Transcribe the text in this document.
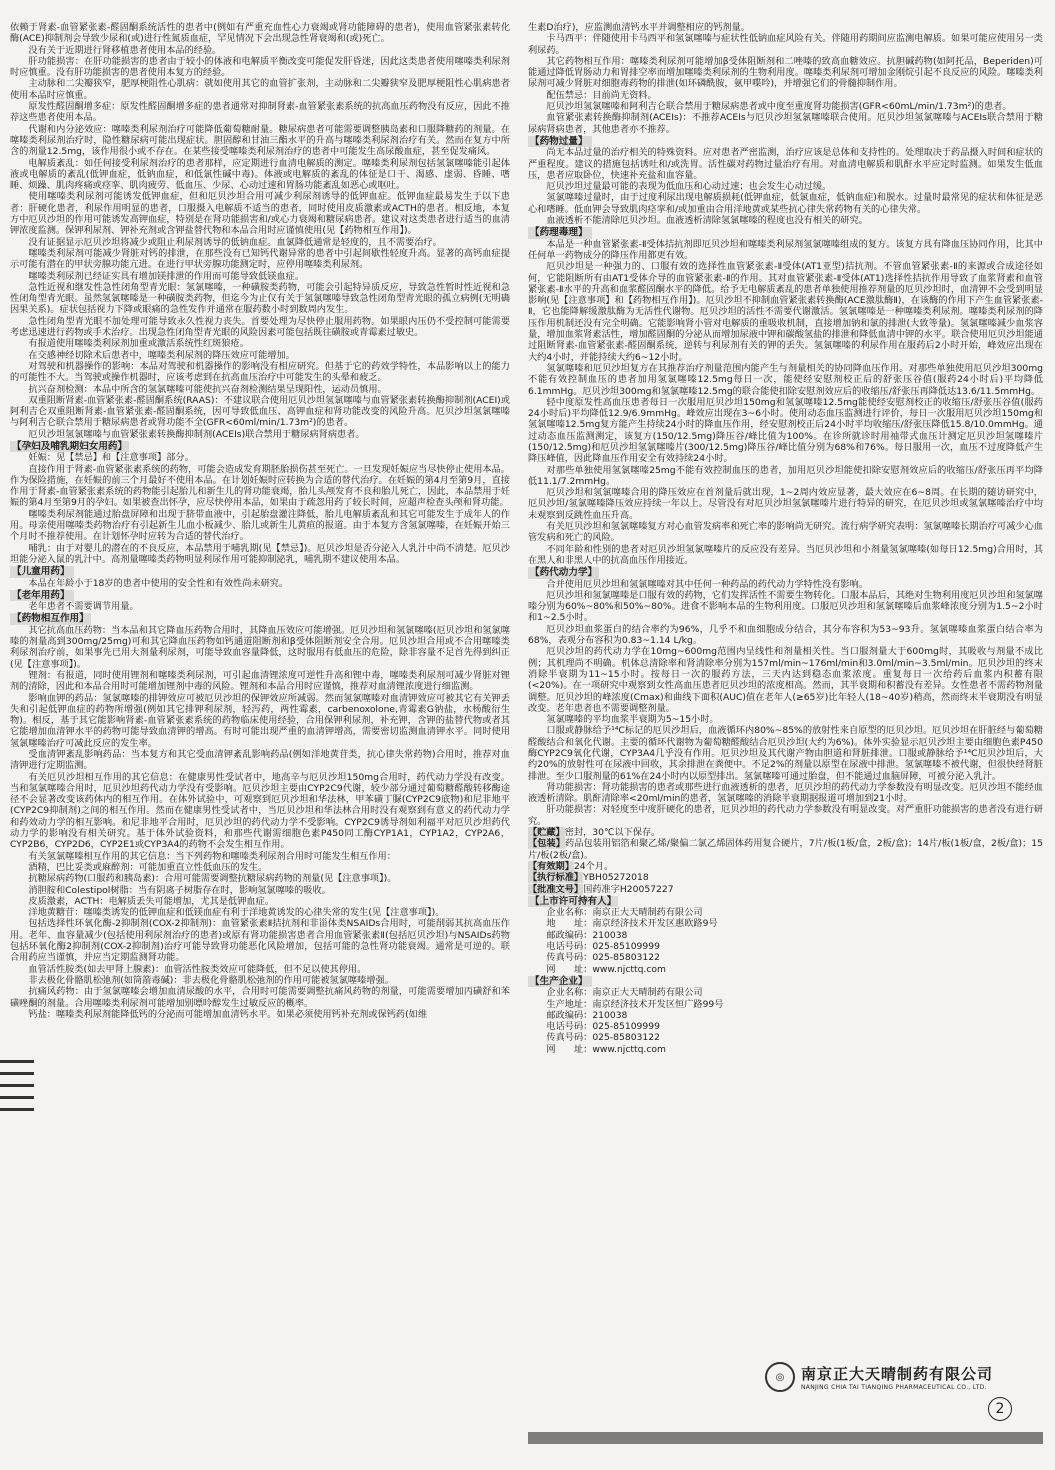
依赖于肾素-血管紧张素-醛固酮系统活性的患者中(例如有严重充血性心力衰竭或肾功能障碍的患者)，使用血管紧张素转化酶(ACE)抑制剂会导致少尿和(或)进行性氮质血症，罕见情况下会出现急性肾衰竭和(或)死亡。

没有关于近期进行肾移植患者使用本品的经验。

肝功能损害：在肝功能损害的患者由于较小的体液和电解质平衡改变可能促发肝昏迷，因此这类患者使用噻嗪类利尿剂时应慎重。没有肝功能损害的患者使用本复方的经验。

主动脉和二尖瓣狭窄，肥厚梗阻性心肌病：就如使用其它的血管扩张剂，主动脉和二尖瓣狭窄及肥厚梗阻性心肌病患者使用本品时应慎重。

原发性醛固酮增多症：原发性醛固酮增多症的患者通常对抑制肾素-血管紧张素系统的抗高血压药物没有反应，因此不推荐这些患者使用本品。

代谢和内分泌效应：噻嗪类利尿剂治疗可能降低葡萄糖耐量。糖尿病患者可能需要调整胰岛素和口服降糖药的剂量。在噻嗪类利尿剂治疗时，隐性糖尿病可能出现症状。胆固醇和甘油三酯水平的升高与噻嗪类利尿剂治疗有关。然而在复方中所含的剂量12.5mg，该作用很小或不存在。在某些接受噻嗪类利尿剂治疗的患者中可能发生高尿酸血症，甚至促发痛风。

电解质紊乱：如任何接受利尿剂治疗的患者那样，应定期进行血清电解质的测定。噻嗪类利尿剂包括氢氯噻嗪能引起体液或电解质的紊乱(低钾血症，低钠血症，和低氯性碱中毒)。体液或电解质的紊乱的体征是口干、渴感、虚弱、昏睡、嗜睡、烦躁、肌肉疼痛或痉挛、肌肉疲劳、低血压、少尿、心动过速和胃肠功能紊乱如恶心或呕吐。

使用噻嗪类利尿剂可能诱发低钾血症，但和厄贝沙坦合用可减少利尿剂诱导的低钾血症。低钾血症最易发生于以下患者：肝硬化患者，利尿作用明显的患者，口服摄入电解质不适当的患者，同时使用皮质激素或ACTH的患者。相反地，本复方中厄贝沙坦的作用可能诱发高钾血症，特别是在肾功能损害和/或心力衰竭和糖尿病患者。建议对这类患者进行适当的血清钾浓度监测。保钾利尿剂、钾补充剂或含钾盐替代物和本品合用时应谨慎使用(见【药物相互作用】)。

没有证据显示厄贝沙坦将减少或阻止利尿剂诱导的低钠血症。血氯降低通常是轻度的，且不需要治疗。

噻嗪类利尿剂可能减少肾脏对钙的排泄，在那些没有已知钙代谢异常的患者中引起间歇性轻度升高。显著的高钙血症提示可能有潜在的甲状旁腺功能亢进。在进行甲状旁腺功能测定时，应停用噻嗪类利尿剂。

噻嗪类利尿剂已经证实具有增加镁排泄的作用而可能导致低镁血症。

急性近视和继发性急性闭角型青光眼：氢氯噻嗪，一种磺胺类药物，可能会引起特异质反应，导致急性暂时性近视和急性闭角型青光眼。虽然氢氯噻嗪是一种磺胺类药物，但迄今为止仅有关于氢氯噻嗪导致急性闭角型青光眼的孤立病例(无明确因果关系)。症状包括视力下降或眼痛的急性发作并通常在服药数小时到数周内发生。

急性闭角型青光眼不加处理可能导致永久性视力丧失。首要处理为尽快停止服用药物。如果眼内压仍不受控制可能需要考虑迅速进行药物或手术治疗。出现急性闭角型青光眼的风险因素可能包括既往磺胺或青霉素过敏史。

有报道使用噻嗪类利尿剂加重或激活系统性红斑狼疮。

在交感神经切除术后患者中，噻嗪类利尿剂的降压效应可能增加。

对驾驶和机器操作的影响：本品对驾驶和机器操作的影响没有相应研究。但基于它的药效学特性，本品影响以上的能力的可能性不大。当驾驶或操作机器时，应该考虑到在抗高血压治疗中可能发生的头晕和疲乏。

抗兴奋剂检测：本品中所含的氢氯噻嗪可能使抗兴奋剂检测结果呈现阳性，运动员慎用。

双重阻断肾素-血管紧张素-醛固酮系统(RAAS)：不建议联合使用厄贝沙坦氢氯噻嗪与血管紧张素转换酶抑制剂(ACEI)或阿利吉仑双重阻断肾素-血管紧张素-醛固酮系统，因可导致低血压、高钾血症和肾功能改变的风险升高。厄贝沙坦氢氯噻嗪与阿利吉仑联合禁用于糖尿病患者或肾功能不全(GFR<60ml/min/1.73m²)的患者。

厄贝沙坦氢氯噻嗪与血管紧张素转换酶抑制剂(ACEIs)联合禁用于糖尿病肾病患者。

【孕妇及哺乳期妇女用药】

妊娠：见【禁忌】和【注意事项】部分。

直接作用于肾素-血管紧张素系统的药物，可能会造成发育期胚胎损伤甚至死亡。一旦发现妊娠应当尽快停止使用本品。作为保险措施，在妊娠的前三个月最好不使用本品。在计划妊娠时应转换为合适的替代治疗。在妊娠的第4月至第9月，直接作用于肾素-血管紧张素系统的药物能引起胎儿和新生儿的肾功能衰竭，胎儿头颅发育不良和胎儿死亡，因此，本品禁用于妊娠的第4月至第9月的孕妇。如果被查出怀孕，应尽快停用本品，如果由于疏忽用药了较长时间，应超声检查头颅和肾功能。

噻嗪类利尿剂能通过胎盘屏障和出现于脐带血液中，引起胎盘灌注降低，胎儿电解质紊乱和其它可能发生于成年人的作用。母亲使用噻嗪类药物治疗有引起新生儿血小板减少、胎儿或新生儿黄疸的报道。由于本复方含氢氯噻嗪，在妊娠开始三个月时不推荐使用。在计划怀孕时应转为合适的替代治疗。

哺乳：由于对婴儿的潜在的不良反应，本品禁用于哺乳期(见【禁忌】)。厄贝沙坦是否分泌入人乳汁中尚不清楚。厄贝沙坦能分泌入鼠的乳汁中。高剂量噻嗪类药物明显利尿作用可能抑制泌乳，哺乳期不建议使用本品。

【儿童用药】

本品在年龄小于18岁的患者中使用的安全性和有效性尚未研究。

【老年用药】

老年患者不需要调节用量。

【药物相互作用】

其它抗高血压药物：当本品和其它降血压药物合用时，其降血压效应可能增强。厄贝沙坦和氢氯噻嗪(厄贝沙坦和氢氯噻嗪的剂量高到300mg/25mg)可和其它降血压药物如钙通道阻断剂和β受体阻断剂安全合用。厄贝沙坦合用或不合用噻嗪类利尿剂治疗前，如果事先已用大剂量利尿剂，可能导致血容量降低，这时服用有低血压的危险，除非容量不足首先得到纠正(见【注意事项】)。

锂剂：有报道，同时使用锂剂和噻嗪类利尿剂，可引起血清锂浓度可逆性升高和锂中毒，噻嗪类利尿剂可减少肾脏对锂剂的清除，因此和本品合用时可能增加锂剂中毒的风险。锂剂和本品合用时应谨慎，推荐对血清锂浓度进行细监测。

影响血钾的药品：氢氯噻嗪的排钾效应可被厄贝沙坦的保钾效应所减弱。然而氢氯噻嗪对血清钾效应可被其它有关钾丢失和引起低钾血症的药物所增强(例如其它排钾利尿剂，轻泻药，两性霉素，carbenoxolone,青霉素G钠盐，水杨酸衍生物)。相反，基于其它能影响肾素-血管紧张素系统的药物临床使用经验，合用保钾利尿剂，补充钾，含钾的盐替代物或者其它能增加血清钾水平的药物可能导致血清钾的增高。有时可能出现严重的血清钾增高，需要密切监测血清钾水平。同时使用氢氯噻嗪治疗可减此反应的发生率。

受血清钾紊乱影响药品：当本复方和其它受血清钾紊乱影响药品(例如洋地黄苷类，抗心律失常药物)合用时，推荐对血清钾进行定期监测。

有关厄贝沙坦相互作用的其它信息：在健康男性受试者中，地高辛与厄贝沙坦150mg合用时，药代动力学没有改变。当和氢氯噻嗪合用时，厄贝沙坦药代动力学没有受影响。厄贝沙坦主要由CYP2C9代谢，较少部分通过葡萄糖醛酸转移酶途径不会显著改变该药体内的相互作用。在体外试验中，可观察到厄贝沙坦和华法林，甲苯磺丁脲(CYP2C9底物)和尼非地平(CYP2C9抑制剂)之间的相互作用。然而在健康男性受试者中，当厄贝沙坦和华法林合用时没有观察到有意义的药代动力学和药效动力学的相互影响。和尼非地平合用时，厄贝沙坦的药代动力学不受影响。CYP2C9诱导剂如利福平对厄贝沙坦药代动力学的影响没有相关研究。基于体外试验资料，和那些代谢需细胞色素P450同工酶CYP1A1，CYP1A2，CYP2A6，CYP2B6，CYP2D6，CYP2E1或CYP3A4的药物不会发生相互作用。

有关氢氯噻嗪相互作用的其它信息：当下列药物和噻嗪类利尿剂合用时可能发生相互作用：

酒精，巴比妥类或麻醉剂：可能加重直立性低血压的发生。

抗糖尿病药物(口服药和胰岛素)：合用可能需要调整抗糖尿病药物的剂量(见【注意事项】)。

消胆胺和Colestipol树脂：当有阴离子树脂存在时，影响氢氯噻嗪的吸收。

皮质激素，ACTH：电解质丢失可能增加，尤其是低钾血症。

洋地黄糖苷：噻嗪类诱发的低钾血症和低镁血症有利于洋地黄诱发的心律失常的发生(见【注意事项】)。

包括选择性环氧化酶-2抑制剂(COX-2抑制剂)：血管紧张素Ⅱ拮抗剂和非甾体类NSAIDs合用时，可能削弱其抗高血压作用。老年、血容量减少(包括使用利尿剂治疗的患者)或原有肾功能损害患者合用血管紧张素Ⅱ(包括厄贝沙坦)与NSAIDs药物包括环氧化酶2抑制剂(COX-2抑制剂)治疗可能导致肾功能恶化风险增加，包括可能的急性肾功能衰竭。通常是可逆的。联合用药应当谨慎，并应当定期监测肾功能。

血管活性胺类(如去甲肾上腺素)：血管活性胺类效应可能降低，但不足以使其停用。

非去极化骨骼肌松弛剂(如筒箭毒碱)：非去极化骨骼肌松弛剂的作用可能被氢氯噻嗪增强。

抗痛风药物：由于氢氯噻嗪会增加血清尿酸的水平，合用时可能需要调整抗痛风药物的剂量，可能需要增加丙磺舒和苯磺唑酮的剂量。合用噻嗪类利尿剂可能增加别嘌呤醇发生过敏反应的概率。

钙盐：噻嗪类利尿剂能降低钙的分泌而可能增加血清钙水平。如果必须使用钙补充剂或保钙药(如维

生素D治疗)，应监测血清钙水平并调整相应的钙剂量。

卡马西平：伴随使用卡马西平和氢氯噻嗪与症状性低钠血症风险有关。伴随用药期间应监测电解质。如果可能应使用另一类利尿药。

其它药物相互作用：噻嗪类利尿剂可能增加β受体阻断剂和二唑嗪的致高血糖效应。抗胆碱药物(如阿托品，Beperiden)可能通过降低胃肠动力和胃排空率而增加噻嗪类利尿剂的生物利用度。噻嗪类利尿剂可增加金刚烷引起不良反应的风险。噻嗪类利尿剂可减少肾脏对细胞毒药物的排泄(如环磷酰胺，氨甲喋呤)，并增强它们的骨髓抑制作用。

配伍禁忌：目前尚无资料。

厄贝沙坦氢氯噻嗪和阿利吉仑联合禁用于糖尿病患者或中度至重度肾功能损害(GFR<60mL/min/1.73m²)的患者。

血管紧张素转换酶抑制剂(ACEIs)：不推荐ACEIs与厄贝沙坦氢氯噻嗪联合使用。厄贝沙坦氢氯噻嗪与ACEIs联合禁用于糖尿病肾病患者，其他患者亦不推荐。

【药物过量】

尚无本品过量的治疗相关的特殊资料。应对患者严密监测，治疗应该是总体和支持性的。处理取决于药品摄入时间和症状的严重程度。建议的措施包括诱吐和/或洗胃。活性碳对药物过量治疗有用。对血清电解质和肌酐水平应定时监测。如果发生低血压，患者应取卧位，快速补充盐和血容量。

厄贝沙坦过量最可能的表现为低血压和心动过速；也会发生心动过缓。

氢氯噻嗪过量时，由于过度利尿出现电解质损耗(低钾血症，低氯血症，低钠血症)和脱水。过量时最常见的症状和体征是恶心和嗜睡。低血钾会导致肌肉痉挛和/或加重由合用洋地黄或某些抗心律失常药物有关的心律失常。

血液透析不能清除厄贝沙坦。血液透析清除氢氯噻嗪的程度也没有相关的研究。

【药理毒理】

本品是一种血管紧张素-Ⅱ受体拮抗剂即厄贝沙坦和噻嗪类利尿剂氢氯噻嗪组成的复方。该复方具有降血压协同作用，比其中任何单一药物成分的降压作用都更有效。

厄贝沙坦是一种强力的、口服有效的选择性血管紧张素-Ⅱ受体(AT1亚型)拮抗剂。不管血管紧张素-Ⅱ的来源或合成途径如何，它能阻断所有由AT1受体介导的血管紧张素-Ⅱ的作用。其对血管紧张素-Ⅱ受体(AT1)选择性拮抗作用导致了血浆肾素和血管紧张素-Ⅱ水平的升高和血浆醛固酮水平的降低。给予无电解质紊乱的患者单独使用推荐剂量的厄贝沙坦时，血清钾不会受到明显影响(见【注意事项】和【药物相互作用】)。厄贝沙坦不抑制血管紧张素转换酶(ACE激肽酶Ⅱ)，在该酶的作用下产生血管紧张素-Ⅱ，它也能降解缓激肽酶为无活性代谢物。厄贝沙坦的活性不需要代谢激活。氢氯噻嗪是一种噻嗪类利尿剂。噻嗪类利尿剂的降压作用机制还没有完全明确。它能影响肾小管对电解质的重吸收机制，直接增加钠和氯的排泄(大致等量)。氢氯噻嗪减少血浆容量，增加血浆肾素活性，增加醛固酮的分泌从而增加尿液中钾和碳酸氢盐的排泄和降低血清中钾的水平。联合使用厄贝沙坦能通过阻断肾素-血管紧张素-醛固酮系统，逆转与利尿剂有关的钾的丢失。氢氯噻嗪的利尿作用在服药后2小时开始，峰效应出现在大约4小时，并能持续大约6~12小时。

氢氯噻嗪和厄贝沙坦复方在其推荐治疗剂量范围内能产生与剂量相关的协同降血压作用。对那些单独使用厄贝沙坦300mg不能有效控制血压的患者加用氢氯噻嗪12.5mg每日一次，能使经安慰剂校正后的舒张压谷值(服药24小时后)平均降低6.1mmHg。厄贝沙坦300mg和氢氯噻嗪12.5mg的联合能使扣除安慰剂效应后的收缩压/舒张压再降低达13.6/11.5mmHg。

轻中度原发性高血压患者每日一次服用厄贝沙坦150mg和氢氯噻嗪12.5mg能使经安慰剂校正的收缩压/舒张压谷值(服药24小时后)平均降低12.9/6.9mmHg。峰效应出现在3~6小时。使用动态血压监测进行评价，每日一次服用厄贝沙坦150mg和氢氯噻嗪12.5mg复方能产生持续24小时的降血压作用，经安慰剂校正后24小时平均收缩压/舒张压降低15.8/10.0mmHg。通过动态血压监测测定，该复方(150/12.5mg)降压谷/峰比值为100%。在诊所就诊时用袖带式血压计测定厄贝沙坦氢噻嗪片(150/12.5mg)和厄贝沙坦氢氯噻嗪片(300/12.5mg)降压谷/峰比值分别为68%和76%。每日服用一次，血压不过度降低产生降压峰值，因此降血压作用安全有效持续24小时。

对那些单独使用氢氯噻嗪25mg不能有效控制血压的患者，加用厄贝沙坦能使扣除安慰剂效应后的收缩压/舒张压再平均降低11.1/7.2mmHg。

厄贝沙坦和氢氯噻嗪合用的降压效应在首剂量后就出现，1~2周内效应显著，最大效应在6~8周。在长期的随访研究中，厄贝沙坦/氢氯噻嗪降压效应持续一年以上。尽管没有对厄贝沙坦氢氯噻嗪片进行特异的研究，在厄贝沙坦或氢氯噻嗪治疗中均未观察到反跳性血压升高。

有关厄贝沙坦和氢氯噻嗪复方对心血管发病率和死亡率的影响尚无研究。流行病学研究表明：氢氯噻嗪长期治疗可减少心血管发病和死亡的风险。

不同年龄和性别的患者对厄贝沙坦氢氯噻嗪片的反应没有差异。当厄贝沙坦和小剂量氢氯噻嗪(如每日12.5mg)合用时，其在黑人和非黑人中的抗高血压作用接近。

【药代动力学】

合并使用厄贝沙坦和氢氯噻嗪对其中任何一种药品的药代动力学特性没有影响。

厄贝沙坦和氢氯噻嗪是口服有效的药物，它们发挥活性不需要生物转化。口服本品后，其绝对生物利用度厄贝沙坦和氢氯噻嗪分别为60%~80%和50%~80%。进食不影响本品的生物利用度。口服厄贝沙坦和氢氯噻嗪后血浆峰浓度分别为1.5~2小时和1~2.5小时。

厄贝沙坦血浆蛋白的结合率约为96%，几乎不和血细胞成分结合，其分布容积为53~93升。氢氯噻嗪血浆蛋白结合率为68%，表观分布容积为0.83~1.14 L/kg。

厄贝沙坦的药代动力学在10mg~600mg范围内呈线性和剂量相关性。当口服剂量大于600mg时，其吸收与剂量不成比例；其机理尚不明确。机体总清除率和肾清除率分别为157ml/min~176ml/min和3.0ml/min~3.5ml/min。厄贝沙坦的终末消除半衰期为11~15小时。按每日一次的服药方法，三天内达到稳态血浆浓度。重复每日一次给药后血浆内积蓄有限(<20%)。在一项研究中观察到女性高血压患者厄贝沙坦的浓度相高。然而，其半衰期和积蓄没有差异。女性患者不需药物剂量调整。厄贝沙坦的峰浓度(Cmax)和曲线下面积(AUC)值在老年人(≥65岁)比年轻人(18~40岁)稍高，然而终末半衰期没有明显改变。老年患者也不需要调整剂量。

氢氯噻嗪的平均血浆半衰期为5~15小时。

口服或静脉给予¹⁴C标记的厄贝沙坦后，血液循环内80%~85%的放射性来自原型的厄贝沙坦。厄贝沙坦在肝脏经与葡萄糖醛酸结合和氧化代谢。主要的循环代谢物为葡萄糖醛酸结合厄贝沙坦(大约为6%)。体外实验显示厄贝沙坦主要由细胞色素P450酶CYP2C9氧化代谢，CYP3A4几乎没有作用。厄贝沙坦及其代谢产物由胆道和肾脏排泄。口服或静脉给予¹⁴C厄贝沙坦后，大约20%的放射性可在尿液中回收，其余排泄在粪便中。不足2%的剂量以原型在尿液中排泄。氢氯噻嗪不被代谢，但很快经肾脏排泄。至少口服剂量的61%在24小时内以原型排出。氢氯噻嗪可通过胎盘，但不能通过血脑屏障，可被分泌入乳汁。

肾功能损害：肾功能损害的患者或那些进行血液透析的患者，厄贝沙坦的药代动力学参数没有明显改变。厄贝沙坦不能经血液透析清除。肌酐清除率<20ml/min的患者，氢氯噻嗪的消除半衰期据报道可增加到21小时。

肝功能损害：对轻度至中度肝硬化的患者，厄贝沙坦的药代动力学参数没有明显改变。对严重肝功能损害的患者没有进行研究。

【贮藏】密封，30℃以下保存。

【包装】药品包装用铝箔和聚乙烯/聚偏二氯乙烯固体药用复合硬片，7片/板(1板/盒，2板/盒)；14片/板(1板/盒，2板/盒)；15片/板(2板/盒)。

【有效期】24个月。

【执行标准】YBH05272018

【批准文号】国药准字H20057227

【上市许可持有人】

企业名称：南京正大天晴制药有限公司

地　　址：南京经济技术开发区惠欧路9号

邮政编码：210038

电话号码：025-85109999

传真号码：025-85803122

网　　址：www.njcttq.com

【生产企业】

企业名称：南京正大天晴制药有限公司

生产地址：南京经济技术开发区恒广路99号

邮政编码：210038

电话号码：025-85109999

传真号码：025-85803122

网　　址：www.njcttq.com

◎	南京正大天晴制药有限公司
NANJING CHIA TAI TIANQING PHARMACEUTICAL CO., LTD.
2
